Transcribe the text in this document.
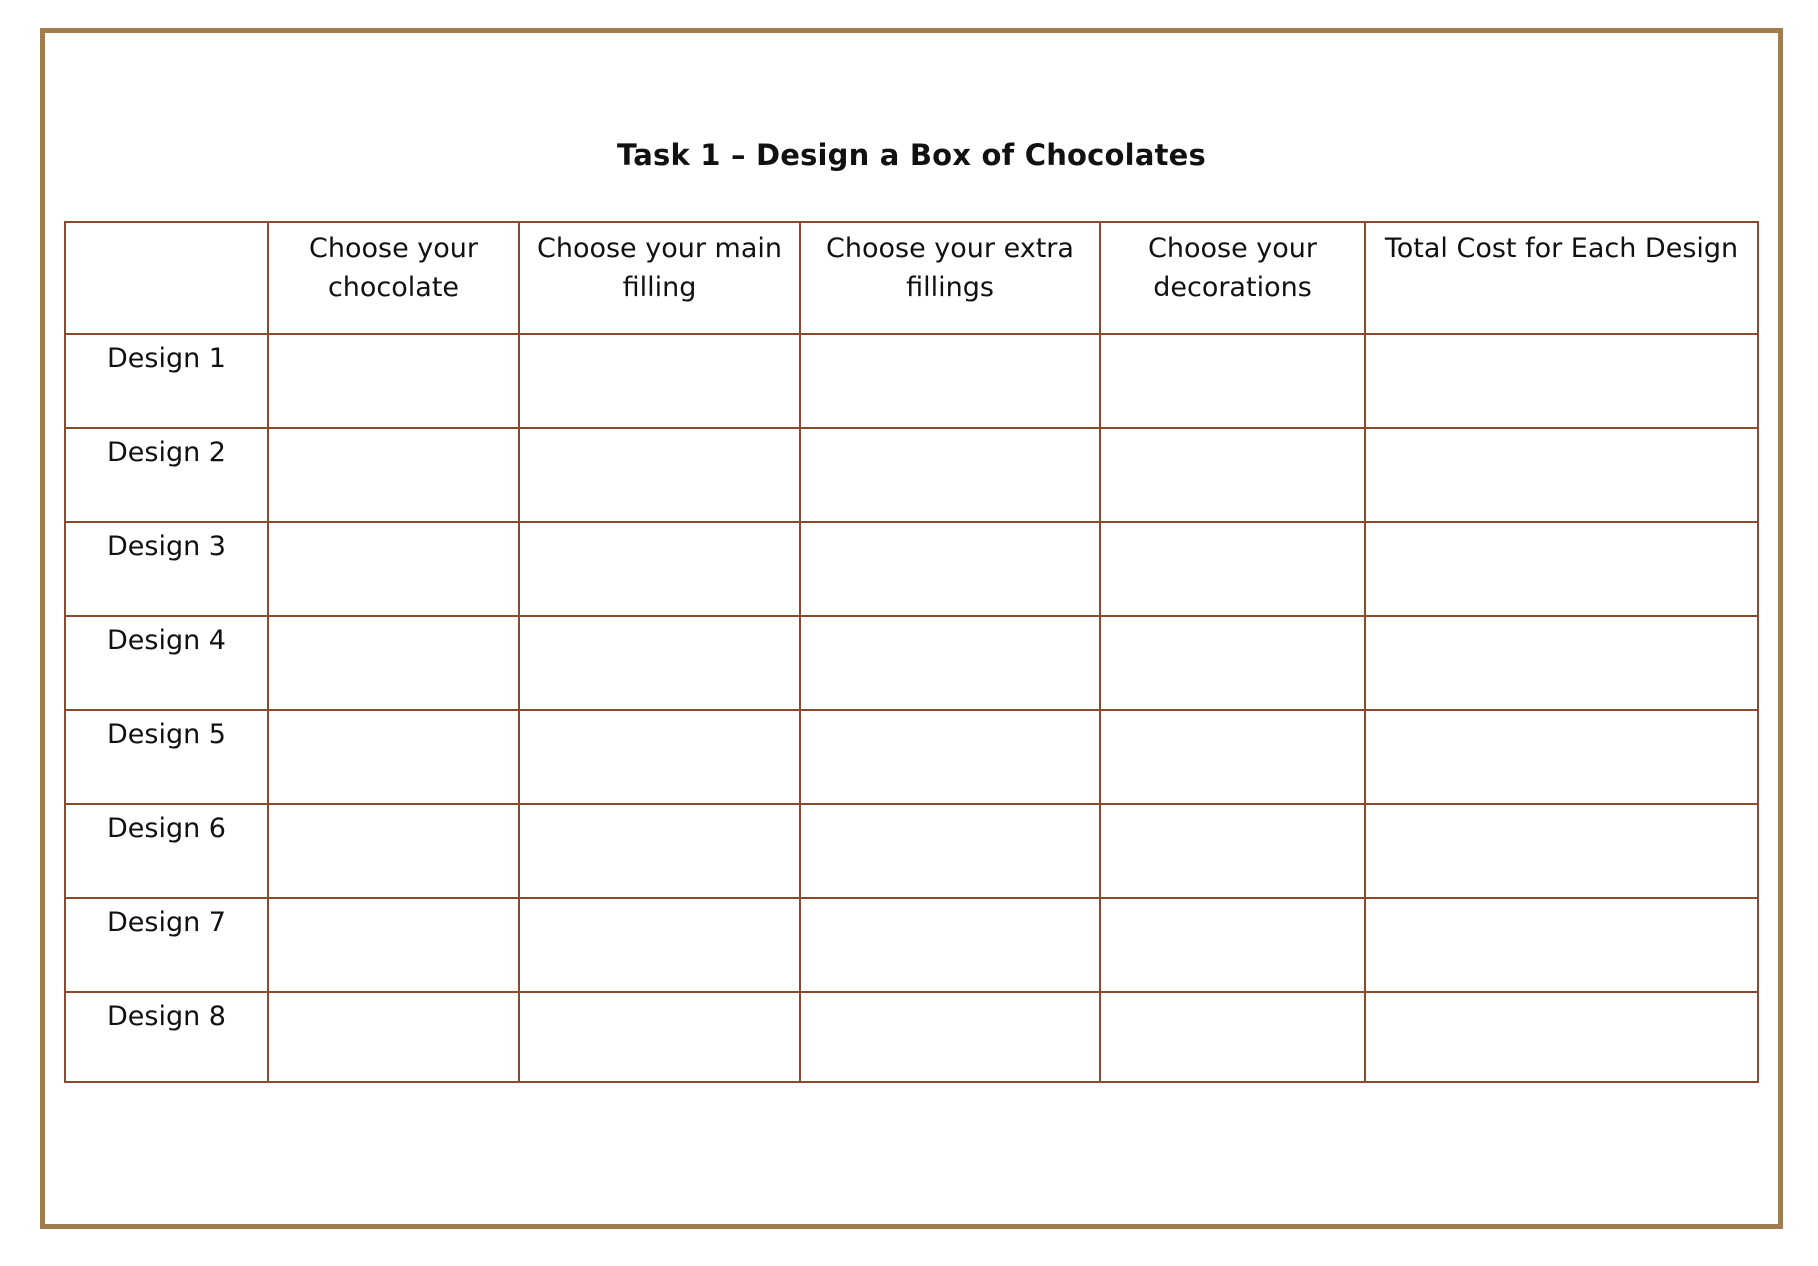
Task 1 – Design a Box of Chocolates
	Choose your chocolate	Choose your main filling	Choose your extra fillings	Choose your decorations	Total Cost for Each Design
Design 1					
Design 2					
Design 3					
Design 4					
Design 5					
Design 6					
Design 7					
Design 8					
